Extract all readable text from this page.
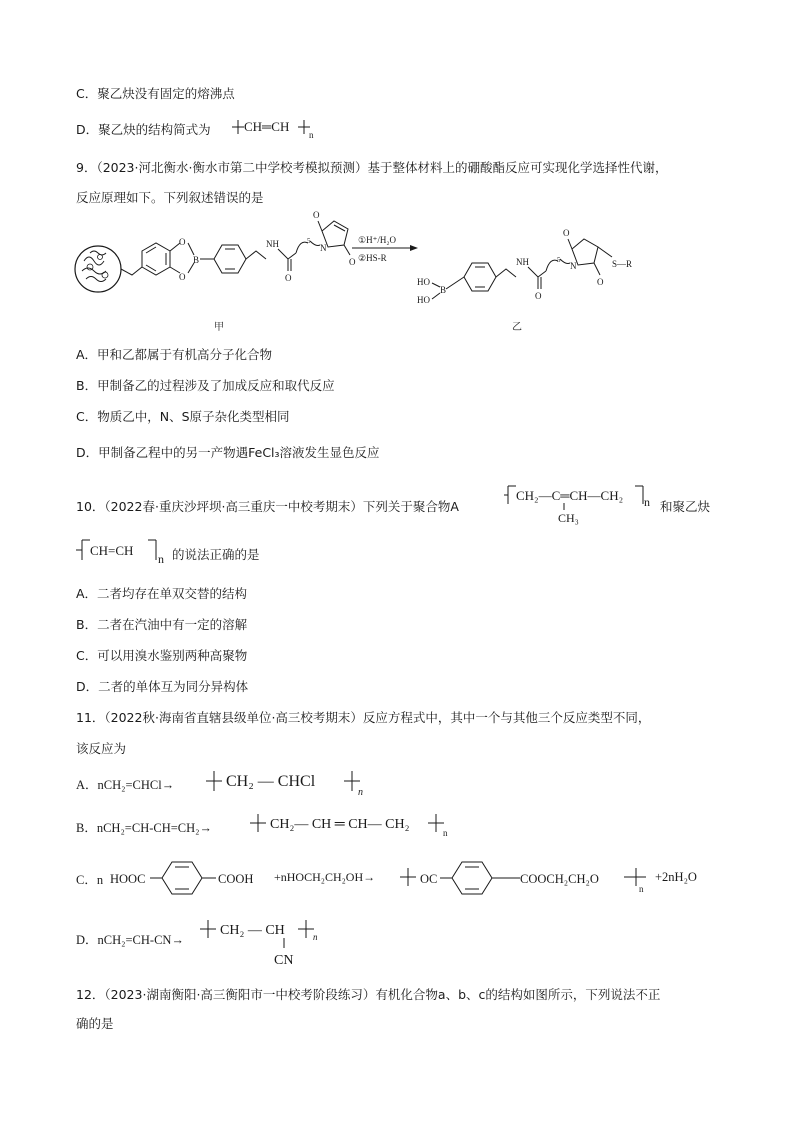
C．聚乙炔没有固定的熔沸点
D．聚乙炔的结构简式为	CH═CH
n
9．（2023·河北衡水·衡水市第二中学校考模拟预测）基于整体材料上的硼酸酯反应可实现化学选择性代谢，
反应原理如下。下列叙述错误的是
O
O
B
NH
O
5
N
O
O
①H⁺/H₂O
②HS-R
HO
HO
B
NH
O
5
N
O
O
S—R
甲	乙
A．甲和乙都属于有机高分子化合物
B．甲制备乙的过程涉及了加成反应和取代反应
C．物质乙中，N、S原子杂化类型相同
D．甲制备乙程中的另一产物遇FeCl₃溶液发生显色反应
10．（2022春·重庆沙坪坝·高三重庆一中校考期末）下列关于聚合物A
CH₂—C═CH—CH₂
CH₃
n 和聚乙炔
CH=CH
n 的说法正确的是
A．二者均存在单双交替的结构
B．二者在汽油中有一定的溶解
C．可以用溴水鉴别两种高聚物
D．二者的单体互为同分异构体
11．（2022秋·海南省直辖县级单位·高三校考期末）反应方程式中，其中一个与其他三个反应类型不同，
该反应为
A．nCH₂=CHCl→	CH₂ — CHCl
n
B．nCH₂=CH-CH=CH₂→	CH₂— CH ═ CH— CH₂
n
C．n HOOC	COOH +nHOCH₂CH₂OH→	OC	COOCH₂CH₂O
n
+2nH₂O
D．nCH₂=CH-CN→
CH₂ — CH
CN
n
12．（2023·湖南衡阳·高三衡阳市一中校考阶段练习）有机化合物a、b、c的结构如图所示，下列说法不正
确的是
